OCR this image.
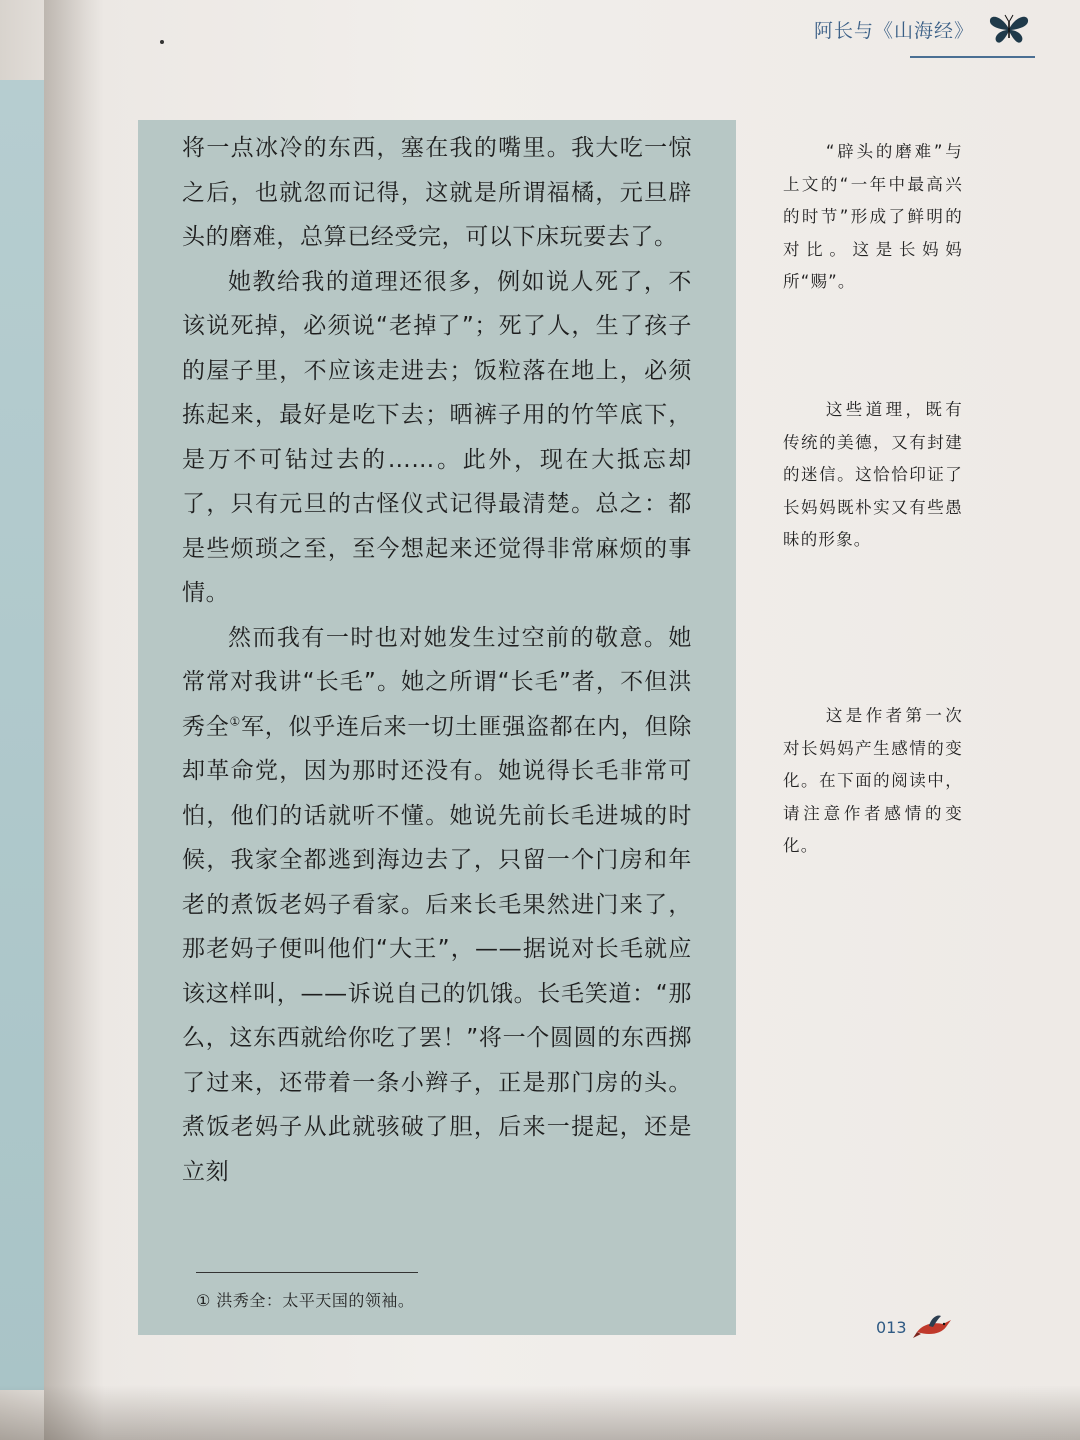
阿长与《山海经》

将一点冰冷的东西，塞在我的嘴里。我大吃一惊之后，也就忽而记得，这就是所谓福橘，元旦辟头的磨难，总算已经受完，可以下床玩要去了。

她教给我的道理还很多，例如说人死了，不该说死掉，必须说“老掉了”；死了人，生了孩子的屋子里，不应该走进去；饭粒落在地上，必须拣起来，最好是吃下去；晒裤子用的竹竿底下，是万不可钻过去的……。此外，现在大抵忘却了，只有元旦的古怪仪式记得最清楚。总之：都是些烦琐之至，至今想起来还觉得非常麻烦的事情。

然而我有一时也对她发生过空前的敬意。她常常对我讲“长毛”。她之所谓“长毛”者，不但洪秀全①军，似乎连后来一切土匪强盗都在内，但除却革命党，因为那时还没有。她说得长毛非常可怕，他们的话就听不懂。她说先前长毛进城的时候，我家全都逃到海边去了，只留一个门房和年老的煮饭老妈子看家。后来长毛果然进门来了，那老妈子便叫他们“大王”，——据说对长毛就应该这样叫，——诉说自己的饥饿。长毛笑道：“那么，这东西就给你吃了罢！”将一个圆圆的东西掷了过来，还带着一条小辫子，正是那门房的头。煮饭老妈子从此就骇破了胆，后来一提起，还是立刻

① 洪秀全：太平天国的领袖。
“辟头的磨难”与上文的“一年中最高兴的时节”形成了鲜明的对比。这是长妈妈所“赐”。
这些道理，既有传统的美德，又有封建的迷信。这恰恰印证了长妈妈既朴实又有些愚昧的形象。
这是作者第一次对长妈妈产生感情的变化。在下面的阅读中，请注意作者感情的变化。
013
